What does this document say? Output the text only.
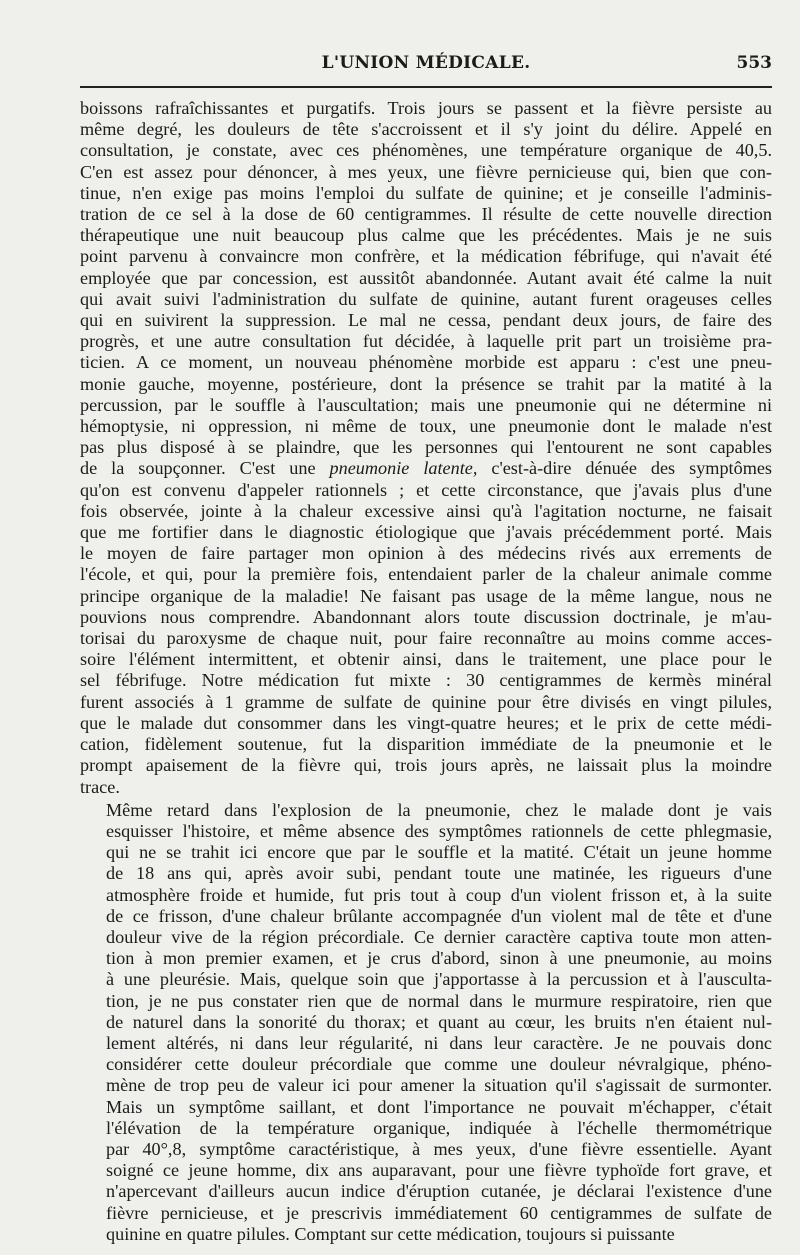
L'UNION MÉDICALE.	553
boissons rafraîchissantes et purgatifs. Trois jours se passent et la fièvre persiste au
même degré, les douleurs de tête s'accroissent et il s'y joint du délire. Appelé en
consultation, je constate, avec ces phénomènes, une température organique de 40,5.
C'en est assez pour dénoncer, à mes yeux, une fièvre pernicieuse qui, bien que con-
tinue, n'en exige pas moins l'emploi du sulfate de quinine; et je conseille l'adminis-
tration de ce sel à la dose de 60 centigrammes. Il résulte de cette nouvelle direction
thérapeutique une nuit beaucoup plus calme que les précédentes. Mais je ne suis
point parvenu à convaincre mon confrère, et la médication fébrifuge, qui n'avait été
employée que par concession, est aussitôt abandonnée. Autant avait été calme la nuit
qui avait suivi l'administration du sulfate de quinine, autant furent orageuses celles
qui en suivirent la suppression. Le mal ne cessa, pendant deux jours, de faire des
progrès, et une autre consultation fut décidée, à laquelle prit part un troisième pra-
ticien. A ce moment, un nouveau phénomène morbide est apparu : c'est une pneu-
monie gauche, moyenne, postérieure, dont la présence se trahit par la matité à la
percussion, par le souffle à l'auscultation; mais une pneumonie qui ne détermine ni
hémoptysie, ni oppression, ni même de toux, une pneumonie dont le malade n'est
pas plus disposé à se plaindre, que les personnes qui l'entourent ne sont capables
de la soupçonner. C'est une pneumonie latente, c'est-à-dire dénuée des symptômes
qu'on est convenu d'appeler rationnels ; et cette circonstance, que j'avais plus d'une
fois observée, jointe à la chaleur excessive ainsi qu'à l'agitation nocturne, ne faisait
que me fortifier dans le diagnostic étiologique que j'avais précédemment porté. Mais
le moyen de faire partager mon opinion à des médecins rivés aux errements de
l'école, et qui, pour la première fois, entendaient parler de la chaleur animale comme
principe organique de la maladie! Ne faisant pas usage de la même langue, nous ne
pouvions nous comprendre. Abandonnant alors toute discussion doctrinale, je m'au-
torisai du paroxysme de chaque nuit, pour faire reconnaître au moins comme acces-
soire l'élément intermittent, et obtenir ainsi, dans le traitement, une place pour le
sel fébrifuge. Notre médication fut mixte : 30 centigrammes de kermès minéral
furent associés à 1 gramme de sulfate de quinine pour être divisés en vingt pilules,
que le malade dut consommer dans les vingt-quatre heures; et le prix de cette médi-
cation, fidèlement soutenue, fut la disparition immédiate de la pneumonie et le
prompt apaisement de la fièvre qui, trois jours après, ne laissait plus la moindre
trace.
Même retard dans l'explosion de la pneumonie, chez le malade dont je vais
esquisser l'histoire, et même absence des symptômes rationnels de cette phlegmasie,
qui ne se trahit ici encore que par le souffle et la matité. C'était un jeune homme
de 18 ans qui, après avoir subi, pendant toute une matinée, les rigueurs d'une
atmosphère froide et humide, fut pris tout à coup d'un violent frisson et, à la suite
de ce frisson, d'une chaleur brûlante accompagnée d'un violent mal de tête et d'une
douleur vive de la région précordiale. Ce dernier caractère captiva toute mon atten-
tion à mon premier examen, et je crus d'abord, sinon à une pneumonie, au moins
à une pleurésie. Mais, quelque soin que j'apportasse à la percussion et à l'ausculta-
tion, je ne pus constater rien que de normal dans le murmure respiratoire, rien que
de naturel dans la sonorité du thorax; et quant au cœur, les bruits n'en étaient nul-
lement altérés, ni dans leur régularité, ni dans leur caractère. Je ne pouvais donc
considérer cette douleur précordiale que comme une douleur névralgique, phéno-
mène de trop peu de valeur ici pour amener la situation qu'il s'agissait de surmonter.
Mais un symptôme saillant, et dont l'importance ne pouvait m'échapper, c'était
l'élévation de la température organique, indiquée à l'échelle thermométrique
par 40°,8, symptôme caractéristique, à mes yeux, d'une fièvre essentielle. Ayant
soigné ce jeune homme, dix ans auparavant, pour une fièvre typhoïde fort grave, et
n'apercevant d'ailleurs aucun indice d'éruption cutanée, je déclarai l'existence d'une
fièvre pernicieuse, et je prescrivis immédiatement 60 centigrammes de sulfate de
quinine en quatre pilules. Comptant sur cette médication, toujours si puissante
